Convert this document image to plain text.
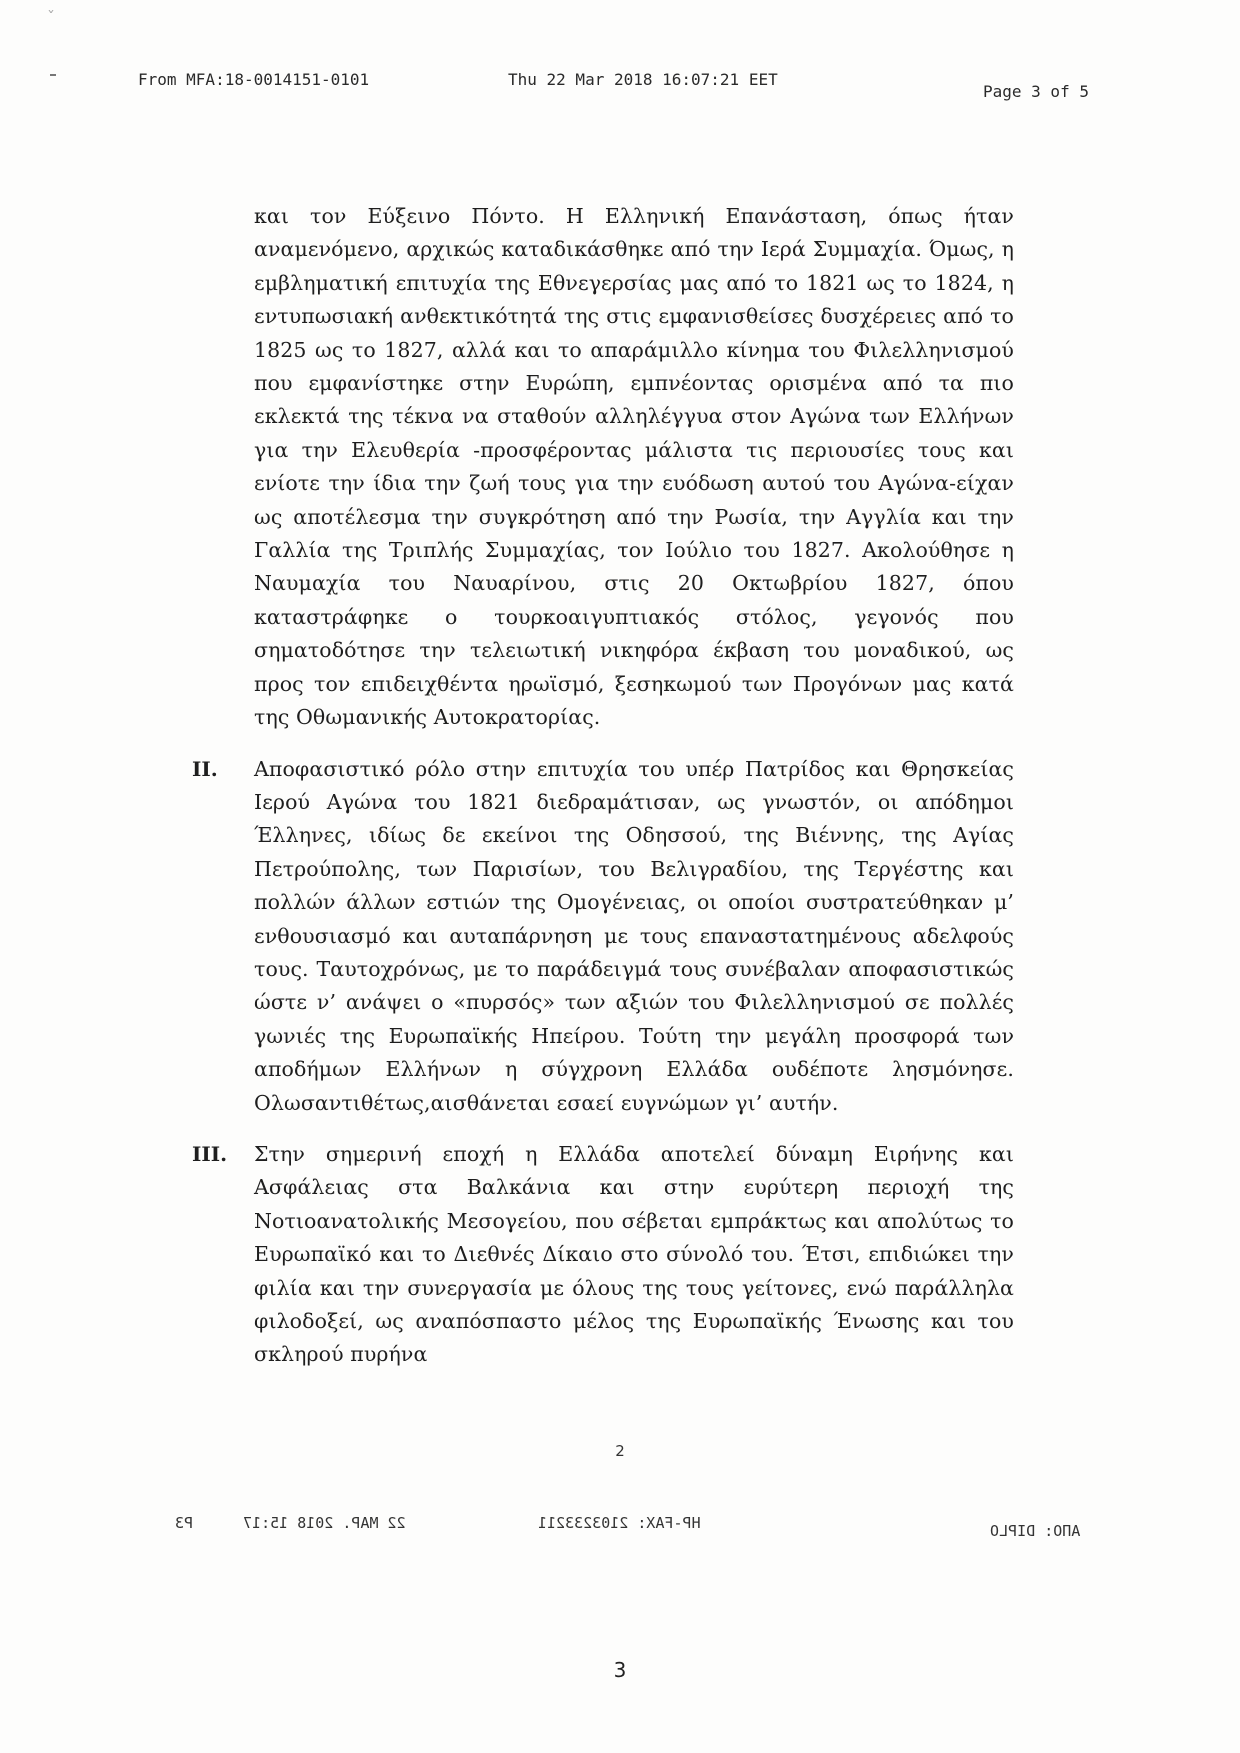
ˇ
From MFA:18-0014151-0101	Thu 22 Mar 2018 16:07:21 EET
Page 3 of 5

και τον Εύξεινο Πόντο. Η Ελληνική Επανάσταση, όπως ήταν αναμενόμενο, αρχικώς καταδικάσθηκε από την Ιερά Συμμαχία. Όμως, η εμβληματική επιτυχία της Εθνεγερσίας μας από το 1821 ως το 1824, η εντυπωσιακή ανθεκτικότητά της στις εμφανισθείσες δυσχέρειες από το 1825 ως το 1827, αλλά και το απαράμιλλο κίνημα του Φιλελληνισμού που εμφανίστηκε στην Ευρώπη, εμπνέοντας ορισμένα από τα πιο εκλεκτά της τέκνα να σταθούν αλληλέγγυα στον Αγώνα των Ελλήνων για την Ελευθερία -προσφέροντας μάλιστα τις περιουσίες τους και ενίοτε την ίδια την ζωή τους για την ευόδωση αυτού του Αγώνα-είχαν ως αποτέλεσμα την συγκρότηση από την Ρωσία, την Αγγλία και την Γαλλία της Τριπλής Συμμαχίας, τον Ιούλιο του 1827. Ακολούθησε η Ναυμαχία του Ναυαρίνου, στις 20 Οκτωβρίου 1827, όπου καταστράφηκε ο τουρκοαιγυπτιακός στόλος, γεγονός που σηματοδότησε την τελειωτική νικηφόρα έκβαση του μοναδικού, ως προς τον επιδειχθέντα ηρωϊσμό, ξεσηκωμού των Προγόνων μας κατά της Οθωμανικής Αυτοκρατορίας.

II. Αποφασιστικό ρόλο στην επιτυχία του υπέρ Πατρίδος και Θρησκείας Ιερού Αγώνα του 1821 διεδραμάτισαν, ως γνωστόν, οι απόδημοι Έλληνες, ιδίως δε εκείνοι της Οδησσού, της Βιέννης, της Αγίας Πετρούπολης, των Παρισίων, του Βελιγραδίου, της Τεργέστης και πολλών άλλων εστιών της Ομογένειας, οι οποίοι συστρατεύθηκαν μ’ ενθουσιασμό και αυταπάρνηση με τους επαναστατημένους αδελφούς τους. Ταυτοχρόνως, με το παράδειγμά τους συνέβαλαν αποφασιστικώς ώστε ν’ ανάψει ο «πυρσός» των αξιών του Φιλελληνισμού σε πολλές γωνιές της Ευρωπαϊκής Ηπείρου. Τούτη την μεγάλη προσφορά των αποδήμων Ελλήνων η σύγχρονη Ελλάδα ουδέποτε λησμόνησε. Ολωσαντιθέτως,αισθάνεται εσαεί ευγνώμων γι’ αυτήν.

III. Στην σημερινή εποχή η Ελλάδα αποτελεί δύναμη Ειρήνης και Ασφάλειας στα Βαλκάνια και στην ευρύτερη περιοχή της Νοτιοανατολικής Μεσογείου, που σέβεται εμπράκτως και απολύτως το Ευρωπαϊκό και το Διεθνές Δίκαιο στο σύνολό του. Έτσι, επιδιώκει την φιλία και την συνεργασία με όλους της τους γείτονες, ενώ παράλληλα φιλοδοξεί, ως αναπόσπαστο μέλος της Ευρωπαϊκής Ένωσης και του σκληρού πυρήνα

2
P3	22 MAP. 2018 15:17	HP-FAX: 2103233211	ΑΠΟ: DIPLO
3
